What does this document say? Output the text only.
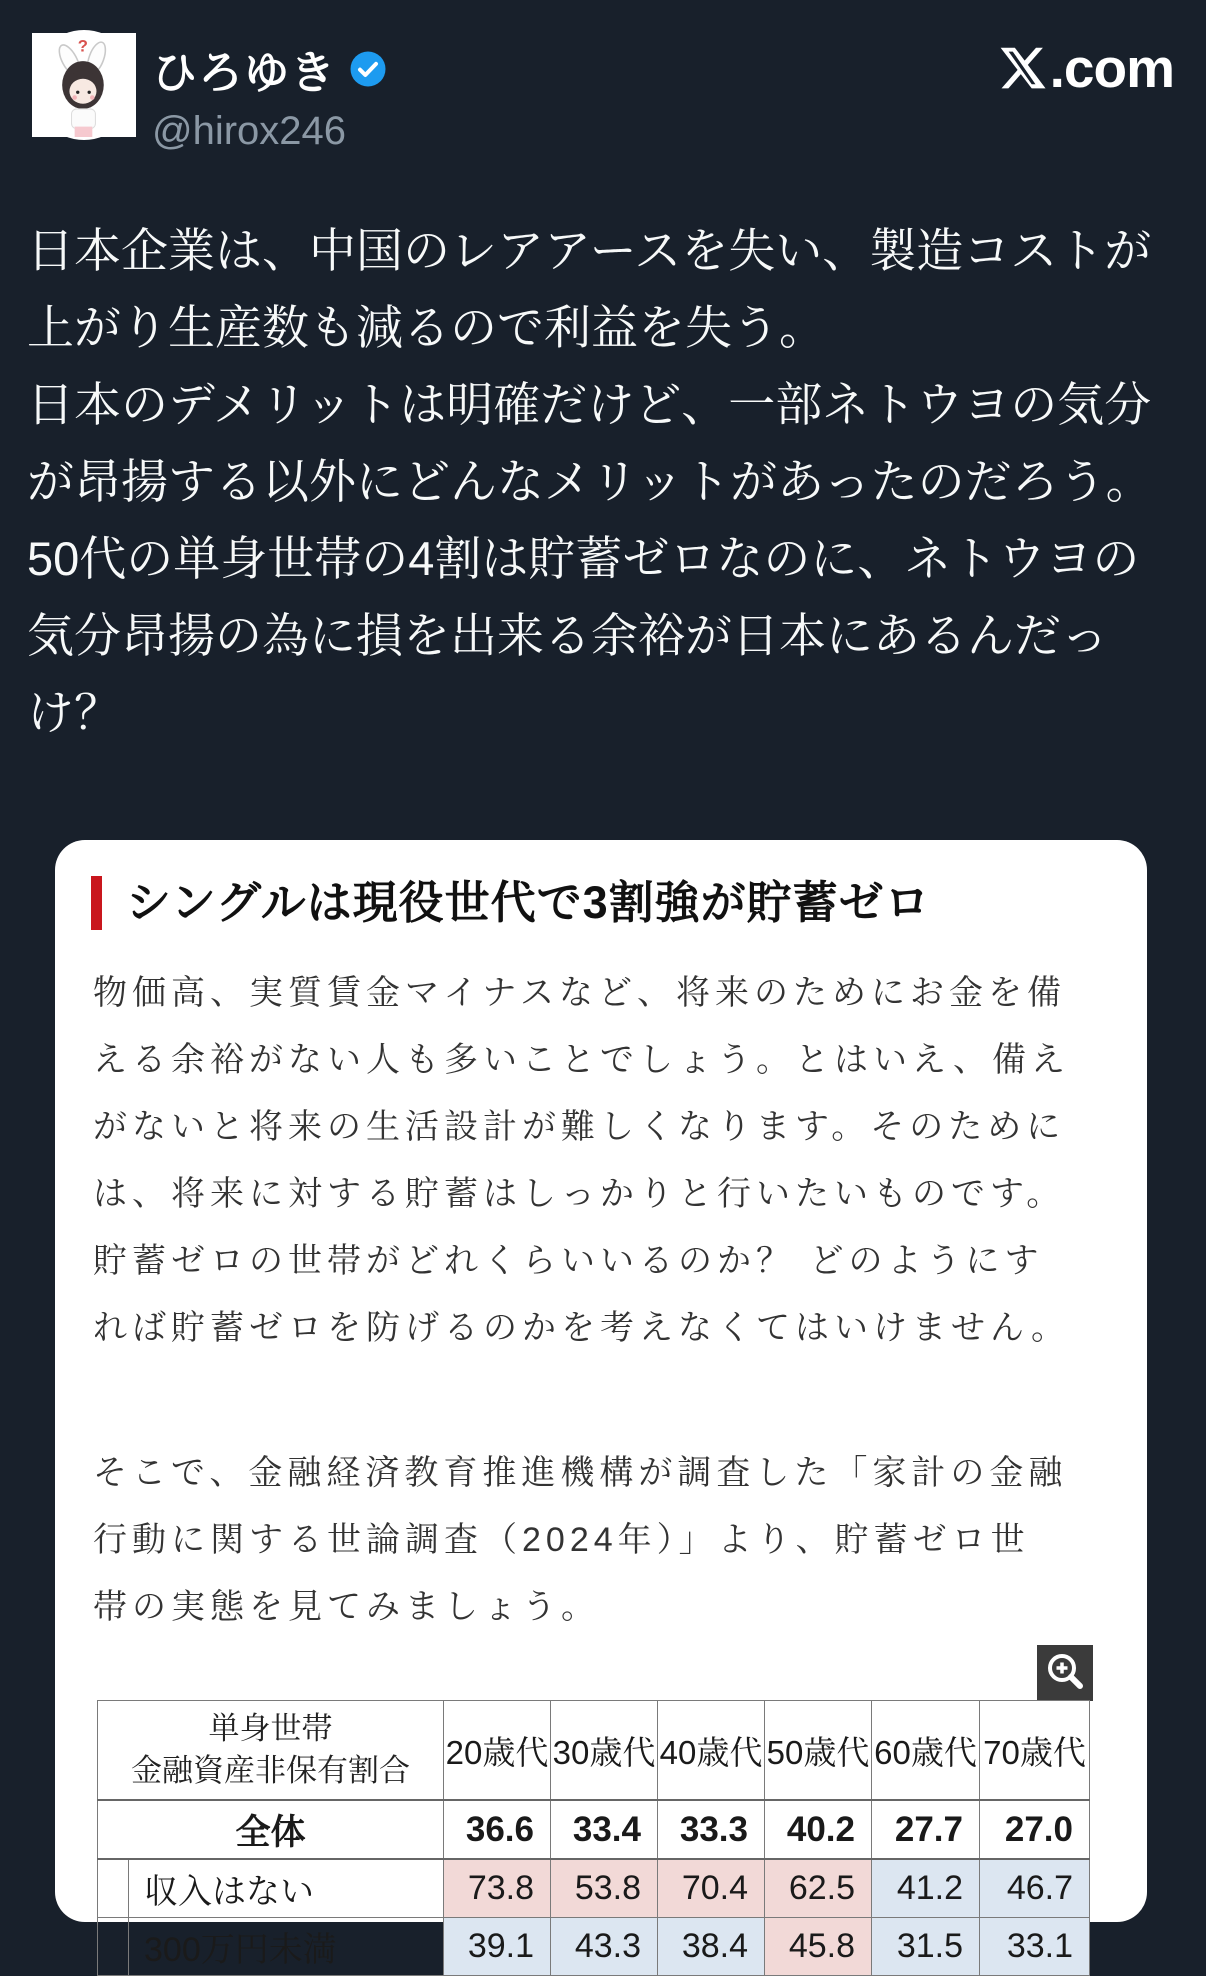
?
ひろゆき
@hirox246
.com
日本企業は、中国のレアアースを失い、製造コストが
上がり生産数も減るので利益を失う。
日本のデメリットは明確だけど、一部ネトウヨの気分
が昂揚する以外にどんなメリットがあったのだろう。
50代の単身世帯の4割は貯蓄ゼロなのに、ネトウヨの
気分昂揚の為に損を出来る余裕が日本にあるんだっ
け？
シングルは現役世代で3割強が貯蓄ゼロ
物価高、実質賃金マイナスなど、将来のためにお金を備
える余裕がない人も多いことでしょう。とはいえ、備え
がないと将来の生活設計が難しくなります。そのために
は、将来に対する貯蓄はしっかりと行いたいものです。
貯蓄ゼロの世帯がどれくらいいるのか？ どのようにす
れば貯蓄ゼロを防げるのかを考えなくてはいけません。
そこで、金融経済教育推進機構が調査した「家計の金融
行動に関する世論調査（2024年）」より、貯蓄ゼロ世
帯の実態を見てみましょう。
単身世帯
金融資産非保有割合	20歳代	30歳代	40歳代	50歳代	60歳代	70歳代
全体	36.6	33.4	33.3	40.2	27.7	27.0
収入はない	73.8	53.8	70.4	62.5	41.2	46.7
300万円未満	39.1	43.3	38.4	45.8	31.5	33.1
